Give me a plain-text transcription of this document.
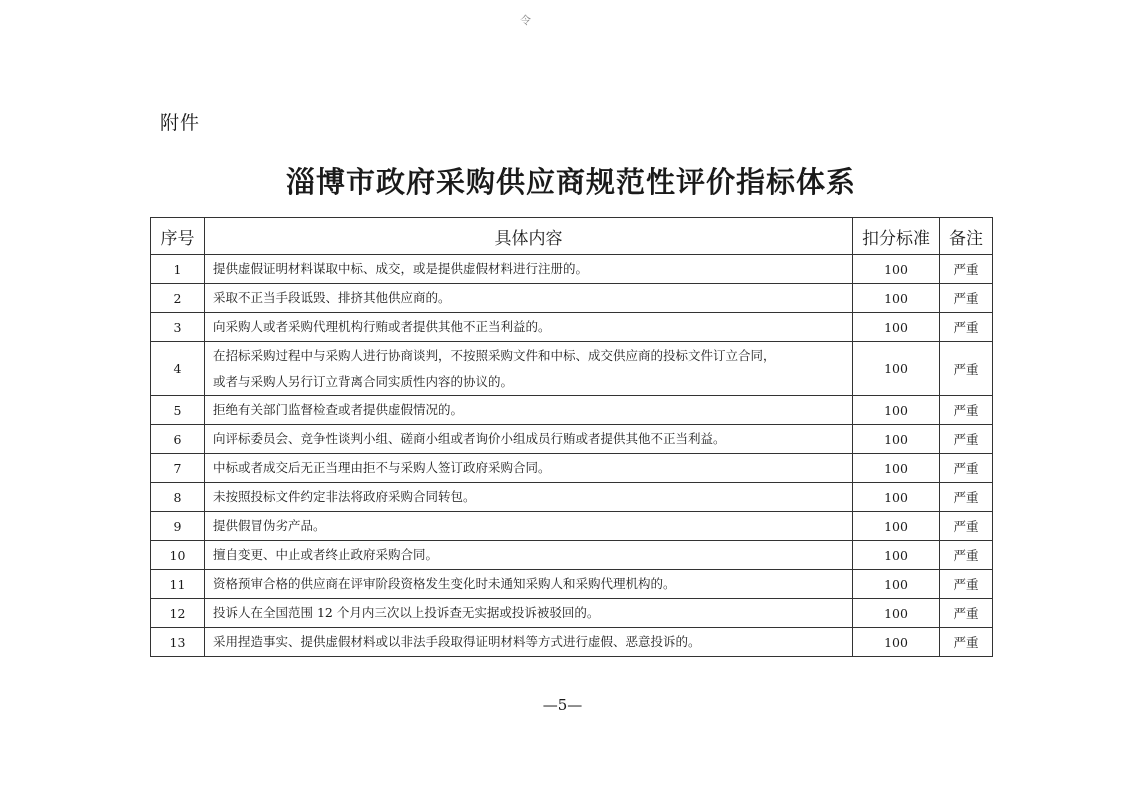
令
附件
淄博市政府采购供应商规范性评价指标体系
序号	具体内容	扣分标准	备注
1	提供虚假证明材料谋取中标、成交，或是提供虚假材料进行注册的。	100	严重
2	采取不正当手段诋毁、排挤其他供应商的。	100	严重
3	向采购人或者采购代理机构行贿或者提供其他不正当利益的。	100	严重
4	在招标采购过程中与采购人进行协商谈判，不按照采购文件和中标、成交供应商的投标文件订立合同，
或者与采购人另行订立背离合同实质性内容的协议的。	100	严重
5	拒绝有关部门监督检查或者提供虚假情况的。	100	严重
6	向评标委员会、竞争性谈判小组、磋商小组或者询价小组成员行贿或者提供其他不正当利益。	100	严重
7	中标或者成交后无正当理由拒不与采购人签订政府采购合同。	100	严重
8	未按照投标文件约定非法将政府采购合同转包。	100	严重
9	提供假冒伪劣产品。	100	严重
10	擅自变更、中止或者终止政府采购合同。	100	严重
11	资格预审合格的供应商在评审阶段资格发生变化时未通知采购人和采购代理机构的。	100	严重
12	投诉人在全国范围 12 个月内三次以上投诉查无实据或投诉被驳回的。	100	严重
13	采用捏造事实、提供虚假材料或以非法手段取得证明材料等方式进行虚假、恶意投诉的。	100	严重
—5—
